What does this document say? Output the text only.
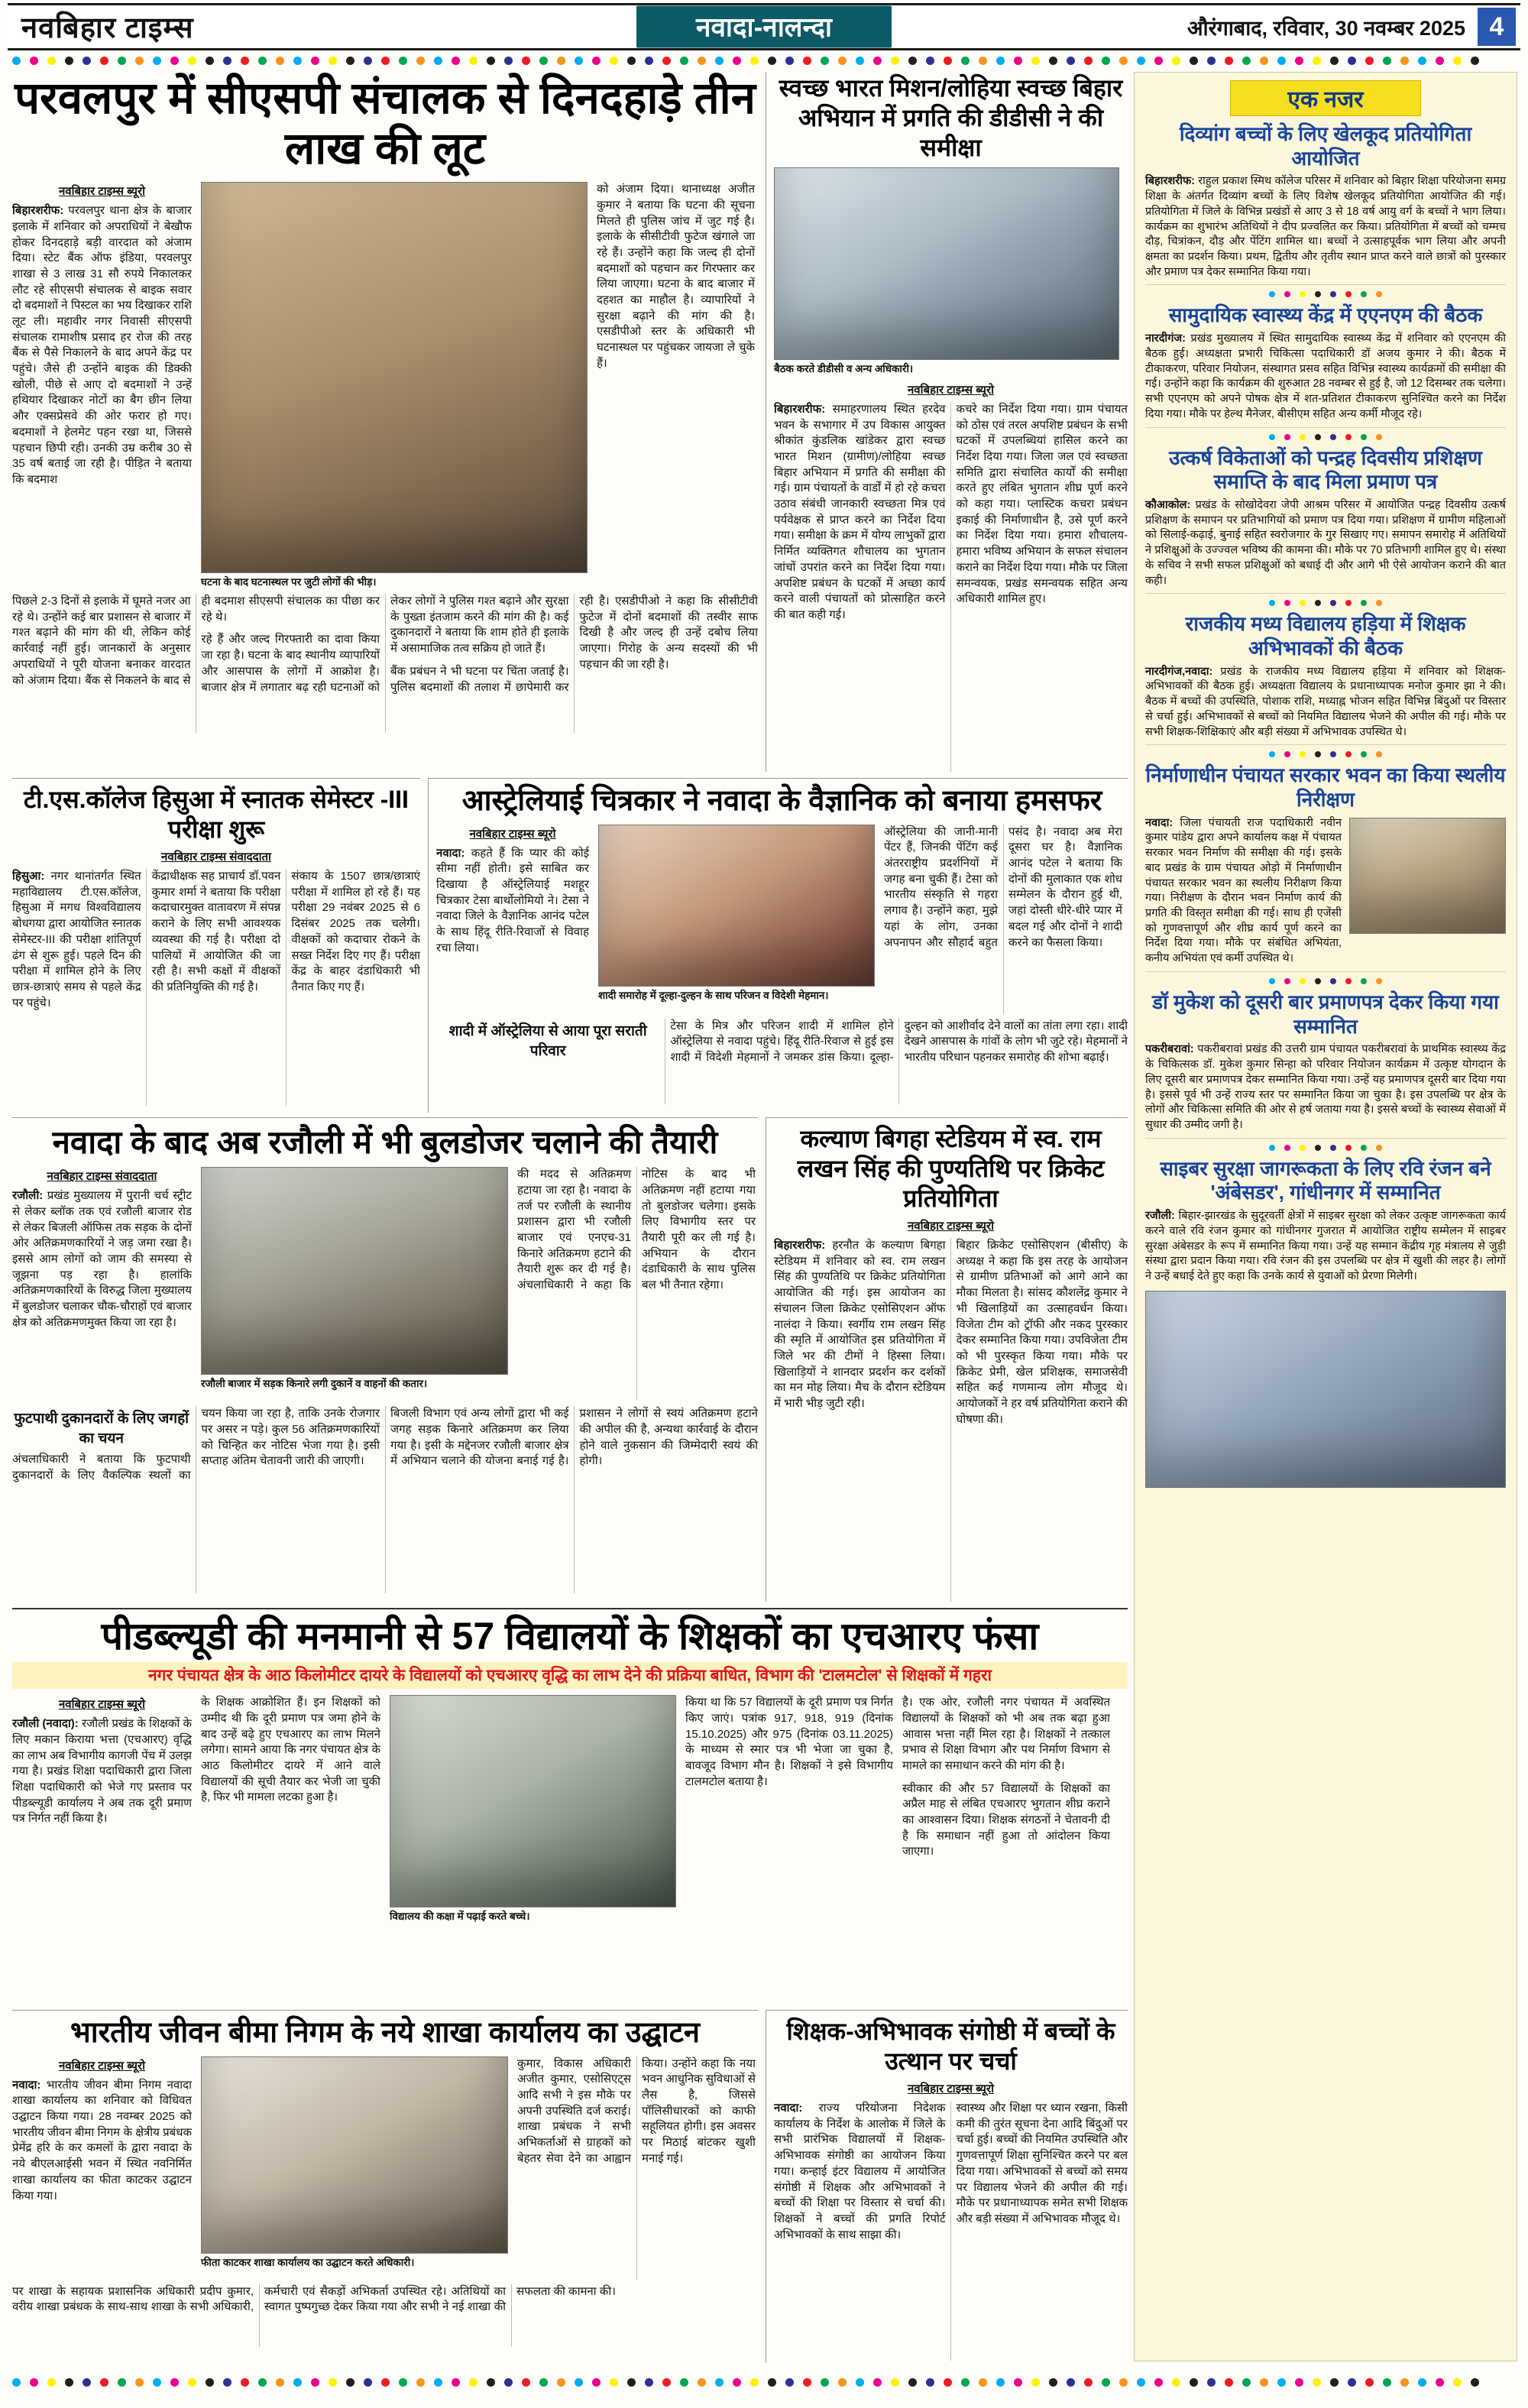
नवबिहार टाइम्स	नवादा-नालन्दा	औरंगाबाद, रविवार, 30 नवम्बर 2025 4
परवलपुर में सीएसपी संचालक से दिनदहाड़े तीन लाख की लूट
नवबिहार टाइम्स ब्यूरो

बिहारशरीफ: परवलपुर थाना क्षेत्र के बाजार इलाके में शनिवार को अपराधियों ने बेखौफ होकर दिनदहाड़े बड़ी वारदात को अंजाम दिया। स्टेट बैंक ऑफ इंडिया, परवलपुर शाखा से 3 लाख 31 सौ रुपये निकालकर लौट रहे सीएसपी संचालक से बाइक सवार दो बदमाशों ने पिस्टल का भय दिखाकर राशि लूट ली। महावीर नगर निवासी सीएसपी संचालक रामाशीष प्रसाद हर रोज की तरह बैंक से पैसे निकालने के बाद अपने केंद्र पर पहुंचे। जैसे ही उन्होंने बाइक की डिक्की खोली, पीछे से आए दो बदमाशों ने उन्हें हथियार दिखाकर नोटों का बैग छीन लिया और एक्सप्रेसवे की ओर फरार हो गए। बदमाशों ने हेलमेट पहन रखा था, जिससे पहचान छिपी रही। उनकी उम्र करीब 30 से 35 वर्ष बताई जा रही है। पीड़ित ने बताया कि बदमाश

घटना के बाद घटनास्थल पर जुटी लोगों की भीड़।

को अंजाम दिया। थानाध्यक्ष अजीत कुमार ने बताया कि घटना की सूचना मिलते ही पुलिस जांच में जुट गई है। इलाके के सीसीटीवी फुटेज खंगाले जा रहे हैं। उन्होंने कहा कि जल्द ही दोनों बदमाशों को पहचान कर गिरफ्तार कर लिया जाएगा। घटना के बाद बाजार में दहशत का माहौल है। व्यापारियों ने सुरक्षा बढ़ाने की मांग की है। एसडीपीओ स्तर के अधिकारी भी घटनास्थल पर पहुंचकर जायजा ले चुके हैं।

पिछले 2-3 दिनों से इलाके में घूमते नजर आ रहे थे। उन्होंने कई बार प्रशासन से बाजार में गश्त बढ़ाने की मांग की थी, लेकिन कोई कार्रवाई नहीं हुई। जानकारों के अनुसार अपराधियों ने पूरी योजना बनाकर वारदात को अंजाम दिया। बैंक से निकलने के बाद से ही बदमाश सीएसपी संचालक का पीछा कर रहे थे।

रहे हैं और जल्द गिरफ्तारी का दावा किया जा रहा है। घटना के बाद स्थानीय व्यापारियों और आसपास के लोगों में आक्रोश है। बाजार क्षेत्र में लगातार बढ़ रही घटनाओं को लेकर लोगों ने पुलिस गश्त बढ़ाने और सुरक्षा के पुख्ता इंतजाम करने की मांग की है। कई दुकानदारों ने बताया कि शाम होते ही इलाके में असामाजिक तत्व सक्रिय हो जाते हैं।

बैंक प्रबंधन ने भी घटना पर चिंता जताई है। पुलिस बदमाशों की तलाश में छापेमारी कर रही है। एसडीपीओ ने कहा कि सीसीटीवी फुटेज में दोनों बदमाशों की तस्वीर साफ दिखी है और जल्द ही उन्हें दबोच लिया जाएगा। गिरोह के अन्य सदस्यों की भी पहचान की जा रही है।

स्वच्छ भारत मिशन/लोहिया स्वच्छ बिहार अभियान में प्रगति की डीडीसी ने की समीक्षा
बैठक करते डीडीसी व अन्य अधिकारी।
नवबिहार टाइम्स ब्यूरो

बिहारशरीफ: समाहरणालय स्थित हरदेव भवन के सभागार में उप विकास आयुक्त श्रीकांत कुंडलिक खांडेकर द्वारा स्वच्छ भारत मिशन (ग्रामीण)/लोहिया स्वच्छ बिहार अभियान में प्रगति की समीक्षा की गई। ग्राम पंचायतों के वार्डों में हो रहे कचरा उठाव संबंधी जानकारी स्वच्छता मित्र एवं पर्यवेक्षक से प्राप्त करने का निर्देश दिया गया। समीक्षा के क्रम में योग्य लाभुकों द्वारा निर्मित व्यक्तिगत शौचालय का भुगतान जांचों उपरांत करने का निर्देश दिया गया। अपशिष्ट प्रबंधन के घटकों में अच्छा कार्य करने वाली पंचायतों को प्रोत्साहित करने की बात कही गई।

कचरे का निर्देश दिया गया। ग्राम पंचायत को ठोस एवं तरल अपशिष्ट प्रबंधन के सभी घटकों में उपलब्धियां हासिल करने का निर्देश दिया गया। जिला जल एवं स्वच्छता समिति द्वारा संचालित कार्यों की समीक्षा करते हुए लंबित भुगतान शीघ्र पूर्ण करने को कहा गया। प्लास्टिक कचरा प्रबंधन इकाई की निर्माणाधीन है, उसे पूर्ण करने का निर्देश दिया गया। हमारा शौचालय-हमारा भविष्य अभियान के सफल संचालन कराने का निर्देश दिया गया। मौके पर जिला समन्वयक, प्रखंड समन्वयक सहित अन्य अधिकारी शामिल हुए।

एक नजर
दिव्यांग बच्चों के लिए खेलकूद प्रतियोगिता आयोजित

बिहारशरीफ: राहुल प्रकाश स्मिथ कॉलेज परिसर में शनिवार को बिहार शिक्षा परियोजना समग्र शिक्षा के अंतर्गत दिव्यांग बच्चों के लिए विशेष खेलकूद प्रतियोगिता आयोजित की गई। प्रतियोगिता में जिले के विभिन्न प्रखंडों से आए 3 से 18 वर्ष आयु वर्ग के बच्चों ने भाग लिया। कार्यक्रम का शुभारंभ अतिथियों ने दीप प्रज्वलित कर किया। प्रतियोगिता में बच्चों को चम्मच दौड़, चित्रांकन, दौड़ और पेंटिंग शामिल था। बच्चों ने उत्साहपूर्वक भाग लिया और अपनी क्षमता का प्रदर्शन किया। प्रथम, द्वितीय और तृतीय स्थान प्राप्त करने वाले छात्रों को पुरस्कार और प्रमाण पत्र देकर सम्मानित किया गया।

सामुदायिक स्वास्थ्य केंद्र में एएनएम की बैठक

नारदीगंज: प्रखंड मुख्यालय में स्थित सामुदायिक स्वास्थ्य केंद्र में शनिवार को एएनएम की बैठक हुई। अध्यक्षता प्रभारी चिकित्सा पदाधिकारी डॉ अजय कुमार ने की। बैठक में टीकाकरण, परिवार नियोजन, संस्थागत प्रसव सहित विभिन्न स्वास्थ्य कार्यक्रमों की समीक्षा की गई। उन्होंने कहा कि कार्यक्रम की शुरुआत 28 नवम्बर से हुई है, जो 12 दिसम्बर तक चलेगा। सभी एएनएम को अपने पोषक क्षेत्र में शत-प्रतिशत टीकाकरण सुनिश्चित करने का निर्देश दिया गया। मौके पर हेल्थ मैनेजर, बीसीएम सहित अन्य कर्मी मौजूद रहे।

उत्कर्ष विकेताओं को पन्द्रह दिवसीय प्रशिक्षण समाप्ति के बाद मिला प्रमाण पत्र

कौआकोल: प्रखंड के सोखोदेवरा जेपी आश्रम परिसर में आयोजित पन्द्रह दिवसीय उत्कर्ष प्रशिक्षण के समापन पर प्रतिभागियों को प्रमाण पत्र दिया गया। प्रशिक्षण में ग्रामीण महिलाओं को सिलाई-कढ़ाई, बुनाई सहित स्वरोजगार के गुर सिखाए गए। समापन समारोह में अतिथियों ने प्रशिक्षुओं के उज्ज्वल भविष्य की कामना की। मौके पर 70 प्रतिभागी शामिल हुए थे। संस्था के सचिव ने सभी सफल प्रशिक्षुओं को बधाई दी और आगे भी ऐसे आयोजन कराने की बात कही।

राजकीय मध्य विद्यालय हड़िया में शिक्षक अभिभावकों की बैठक

नारदीगंज,नवादा: प्रखंड के राजकीय मध्य विद्यालय हड़िया में शनिवार को शिक्षक-अभिभावकों की बैठक हुई। अध्यक्षता विद्यालय के प्रधानाध्यापक मनोज कुमार झा ने की। बैठक में बच्चों की उपस्थिति, पोशाक राशि, मध्याह्न भोजन सहित विभिन्न बिंदुओं पर विस्तार से चर्चा हुई। अभिभावकों से बच्चों को नियमित विद्यालय भेजने की अपील की गई। मौके पर सभी शिक्षक-शिक्षिकाएं और बड़ी संख्या में अभिभावक उपस्थित थे।

निर्माणाधीन पंचायत सरकार भवन का किया स्थलीय निरीक्षण

नवादा: जिला पंचायती राज पदाधिकारी नवीन कुमार पांडेय द्वारा अपने कार्यालय कक्ष में पंचायत सरकार भवन निर्माण की समीक्षा की गई। इसके बाद प्रखंड के ग्राम पंचायत ओड़ो में निर्माणाधीन पंचायत सरकार भवन का स्थलीय निरीक्षण किया गया। निरीक्षण के दौरान भवन निर्माण कार्य की प्रगति की विस्तृत समीक्षा की गई। साथ ही एजेंसी को गुणवत्तापूर्ण और शीघ्र कार्य पूर्ण करने का निर्देश दिया गया। मौके पर संबंधित अभियंता, कनीय अभियंता एवं कर्मी उपस्थित थे।

डॉ मुकेश को दूसरी बार प्रमाणपत्र देकर किया गया सम्मानित

पकरीबरावां: पकरीबरावां प्रखंड की उत्तरी ग्राम पंचायत पकरीबरावां के प्राथमिक स्वास्थ्य केंद्र के चिकित्सक डॉ. मुकेश कुमार सिन्हा को परिवार नियोजन कार्यक्रम में उत्कृष्ट योगदान के लिए दूसरी बार प्रमाणपत्र देकर सम्मानित किया गया। उन्हें यह प्रमाणपत्र दूसरी बार दिया गया है। इससे पूर्व भी उन्हें राज्य स्तर पर सम्मानित किया जा चुका है। इस उपलब्धि पर क्षेत्र के लोगों और चिकित्सा समिति की ओर से हर्ष जताया गया है। इससे बच्चों के स्वास्थ्य सेवाओं में सुधार की उम्मीद जगी है।

साइबर सुरक्षा जागरूकता के लिए रवि रंजन बने 'अंबेसडर', गांधीनगर में सम्मानित

रजौली: बिहार-झारखंड के सुदूरवर्ती क्षेत्रों में साइबर सुरक्षा को लेकर उत्कृष्ट जागरूकता कार्य करने वाले रवि रंजन कुमार को गांधीनगर गुजरात में आयोजित राष्ट्रीय सम्मेलन में साइबर सुरक्षा अंबेसडर के रूप में सम्मानित किया गया। उन्हें यह सम्मान केंद्रीय गृह मंत्रालय से जुड़ी संस्था द्वारा प्रदान किया गया। रवि रंजन की इस उपलब्धि पर क्षेत्र में खुशी की लहर है। लोगों ने उन्हें बधाई देते हुए कहा कि उनके कार्य से युवाओं को प्रेरणा मिलेगी।

टी.एस.कॉलेज हिसुआ में स्नातक सेमेस्टर -III परीक्षा शुरू
नवबिहार टाइम्स संवाददाता

हिसुआ: नगर थानांतर्गत स्थित महाविद्यालय टी.एस.कॉलेज, हिसुआ में मगध विश्वविद्यालय बोधगया द्वारा आयोजित स्नातक सेमेस्टर-III की परीक्षा शांतिपूर्ण ढंग से शुरू हुई। पहले दिन की परीक्षा में शामिल होने के लिए छात्र-छात्राएं समय से पहले केंद्र पर पहुंचे।

केंद्राधीक्षक सह प्राचार्य डॉ.पवन कुमार शर्मा ने बताया कि परीक्षा कदाचारमुक्त वातावरण में संपन्न कराने के लिए सभी आवश्यक व्यवस्था की गई है। परीक्षा दो पालियों में आयोजित की जा रही है। सभी कक्षों में वीक्षकों की प्रतिनियुक्ति की गई है।

संकाय के 1507 छात्र/छात्राएं परीक्षा में शामिल हो रहे हैं। यह परीक्षा 29 नवंबर 2025 से 6 दिसंबर 2025 तक चलेगी। वीक्षकों को कदाचार रोकने के सख्त निर्देश दिए गए हैं। परीक्षा केंद्र के बाहर दंडाधिकारी भी तैनात किए गए हैं।

आस्ट्रेलियाई चित्रकार ने नवादा के वैज्ञानिक को बनाया हमसफर
नवबिहार टाइम्स ब्यूरो

नवादा: कहते हैं कि प्यार की कोई सीमा नहीं होती। इसे साबित कर दिखाया है ऑस्ट्रेलियाई मशहूर चित्रकार टेसा बार्थोलोमियो ने। टेसा ने नवादा जिले के वैज्ञानिक आनंद पटेल के साथ हिंदू रीति-रिवाजों से विवाह रचा लिया।

शादी समारोह में दूल्हा-दुल्हन के साथ परिजन व विदेशी मेहमान।

ऑस्ट्रेलिया की जानी-मानी पेंटर हैं, जिनकी पेंटिंग कई अंतरराष्ट्रीय प्रदर्शनियों में जगह बना चुकी हैं। टेसा को भारतीय संस्कृति से गहरा लगाव है। उन्होंने कहा, मुझे यहां के लोग, उनका अपनापन और सौहार्द बहुत पसंद है। नवादा अब मेरा दूसरा घर है। वैज्ञानिक आनंद पटेल ने बताया कि दोनों की मुलाकात एक शोध सम्मेलन के दौरान हुई थी, जहां दोस्ती धीरे-धीरे प्यार में बदल गई और दोनों ने शादी करने का फैसला किया।

शादी में ऑस्ट्रेलिया से आया पूरा सराती परिवार

टेसा के मित्र और परिजन शादी में शामिल होने ऑस्ट्रेलिया से नवादा पहुंचे। हिंदू रीति-रिवाज से हुई इस शादी में विदेशी मेहमानों ने जमकर डांस किया। दूल्हा-दुल्हन को आशीर्वाद देने वालों का तांता लगा रहा। शादी देखने आसपास के गांवों के लोग भी जुटे रहे। मेहमानों ने भारतीय परिधान पहनकर समारोह की शोभा बढ़ाई।

नवादा के बाद अब रजौली में भी बुलडोजर चलाने की तैयारी
नवबिहार टाइम्स संवाददाता

रजौली: प्रखंड मुख्यालय में पुरानी चर्च स्ट्रीट से लेकर ब्लॉक तक एवं रजौली बाजार रोड से लेकर बिजली ऑफिस तक सड़क के दोनों ओर अतिक्रमणकारियों ने जड़ जमा रखा है। इससे आम लोगों को जाम की समस्या से जूझना पड़ रहा है। हालांकि अतिक्रमणकारियों के विरुद्ध जिला मुख्यालय में बुलडोजर चलाकर चौक-चौराहों एवं बाजार क्षेत्र को अतिक्रमणमुक्त किया जा रहा है।

रजौली बाजार में सड़क किनारे लगी दुकानें व वाहनों की कतार।

की मदद से अतिक्रमण हटाया जा रहा है। नवादा के तर्ज पर रजौली के स्थानीय प्रशासन द्वारा भी रजौली बाजार एवं एनएच-31 किनारे अतिक्रमण हटाने की तैयारी शुरू कर दी गई है। अंचलाधिकारी ने कहा कि नोटिस के बाद भी अतिक्रमण नहीं हटाया गया तो बुलडोजर चलेगा। इसके लिए विभागीय स्तर पर तैयारी पूरी कर ली गई है। अभियान के दौरान दंडाधिकारी के साथ पुलिस बल भी तैनात रहेगा।

फुटपाथी दुकानदारों के लिए जगहों का चयन

अंचलाधिकारी ने बताया कि फुटपाथी दुकानदारों के लिए वैकल्पिक स्थलों का चयन किया जा रहा है, ताकि उनके रोजगार पर असर न पड़े। कुल 56 अतिक्रमणकारियों को चिन्हित कर नोटिस भेजा गया है। इसी सप्ताह अंतिम चेतावनी जारी की जाएगी।

बिजली विभाग एवं अन्य लोगों द्वारा भी कई जगह सड़क किनारे अतिक्रमण कर लिया गया है। इसी के मद्देनजर रजौली बाजार क्षेत्र में अभियान चलाने की योजना बनाई गई है। प्रशासन ने लोगों से स्वयं अतिक्रमण हटाने की अपील की है, अन्यथा कार्रवाई के दौरान होने वाले नुकसान की जिम्मेदारी स्वयं की होगी।

कल्याण बिगहा स्टेडियम में स्व. राम लखन सिंह की पुण्यतिथि पर क्रिकेट प्रतियोगिता
नवबिहार टाइम्स ब्यूरो

बिहारशरीफ: हरनौत के कल्याण बिगहा स्टेडियम में शनिवार को स्व. राम लखन सिंह की पुण्यतिथि पर क्रिकेट प्रतियोगिता आयोजित की गई। इस आयोजन का संचालन जिला क्रिकेट एसोसिएशन ऑफ नालंदा ने किया। स्वर्गीय राम लखन सिंह की स्मृति में आयोजित इस प्रतियोगिता में जिले भर की टीमों ने हिस्सा लिया। खिलाड़ियों ने शानदार प्रदर्शन कर दर्शकों का मन मोह लिया। मैच के दौरान स्टेडियम में भारी भीड़ जुटी रही।

बिहार क्रिकेट एसोसिएशन (बीसीए) के अध्यक्ष ने कहा कि इस तरह के आयोजन से ग्रामीण प्रतिभाओं को आगे आने का मौका मिलता है। सांसद कौशलेंद्र कुमार ने भी खिलाड़ियों का उत्साहवर्धन किया। विजेता टीम को ट्रॉफी और नकद पुरस्कार देकर सम्मानित किया गया। उपविजेता टीम को भी पुरस्कृत किया गया। मौके पर क्रिकेट प्रेमी, खेल प्रशिक्षक, समाजसेवी सहित कई गणमान्य लोग मौजूद थे। आयोजकों ने हर वर्ष प्रतियोगिता कराने की घोषणा की।

पीडब्ल्यूडी की मनमानी से 57 विद्यालयों के शिक्षकों का एचआरए फंसा
नगर पंचायत क्षेत्र के आठ किलोमीटर दायरे के विद्यालयों को एचआरए वृद्धि का लाभ देने की प्रक्रिया बाधित, विभाग की 'टालमटोल' से शिक्षकों में गहरा
नवबिहार टाइम्स ब्यूरो

रजौली (नवादा): रजौली प्रखंड के शिक्षकों के लिए मकान किराया भत्ता (एचआरए) वृद्धि का लाभ अब विभागीय कागजी पेंच में उलझ गया है। प्रखंड शिक्षा पदाधिकारी द्वारा जिला शिक्षा पदाधिकारी को भेजे गए प्रस्ताव पर पीडब्ल्यूडी कार्यालय ने अब तक दूरी प्रमाण पत्र निर्गत नहीं किया है।

के शिक्षक आक्रोशित हैं। इन शिक्षकों को उम्मीद थी कि दूरी प्रमाण पत्र जमा होने के बाद उन्हें बढ़े हुए एचआरए का लाभ मिलने लगेगा। सामने आया कि नगर पंचायत क्षेत्र के आठ किलोमीटर दायरे में आने वाले विद्यालयों की सूची तैयार कर भेजी जा चुकी है, फिर भी मामला लटका हुआ है।

विद्यालय की कक्षा में पढ़ाई करते बच्चे।

किया था कि 57 विद्यालयों के दूरी प्रमाण पत्र निर्गत किए जाएं। पत्रांक 917, 918, 919 (दिनांक 15.10.2025) और 975 (दिनांक 03.11.2025) के माध्यम से स्मार पत्र भी भेजा जा चुका है, बावजूद विभाग मौन है। शिक्षकों ने इसे विभागीय टालमटोल बताया है।

है। एक ओर, रजौली नगर पंचायत में अवस्थित विद्यालयों के शिक्षकों को भी अब तक बढ़ा हुआ आवास भत्ता नहीं मिल रहा है। शिक्षकों ने तत्काल प्रभाव से शिक्षा विभाग और पथ निर्माण विभाग से मामले का समाधान करने की मांग की है।

स्वीकार की और 57 विद्यालयों के शिक्षकों का अप्रैल माह से लंबित एचआरए भुगतान शीघ्र कराने का आश्वासन दिया। शिक्षक संगठनों ने चेतावनी दी है कि समाधान नहीं हुआ तो आंदोलन किया जाएगा।

भारतीय जीवन बीमा निगम के नये शाखा कार्यालय का उद्घाटन
नवबिहार टाइम्स ब्यूरो

नवादा: भारतीय जीवन बीमा निगम नवादा शाखा कार्यालय का शनिवार को विधिवत उद्घाटन किया गया। 28 नवम्बर 2025 को भारतीय जीवन बीमा निगम के क्षेत्रीय प्रबंधक प्रेमेंद्र हरि के कर कमलों के द्वारा नवादा के नये बीएलआईसी भवन में स्थित नवनिर्मित शाखा कार्यालय का फीता काटकर उद्घाटन किया गया।

फीता काटकर शाखा कार्यालय का उद्घाटन करते अधिकारी।

कुमार, विकास अधिकारी अजीत कुमार, एसोसिएट्स आदि सभी ने इस मौके पर अपनी उपस्थिति दर्ज कराई। शाखा प्रबंधक ने सभी अभिकर्ताओं से ग्राहकों को बेहतर सेवा देने का आह्वान किया। उन्होंने कहा कि नया भवन आधुनिक सुविधाओं से लैस है, जिससे पॉलिसीधारकों को काफी सहूलियत होगी। इस अवसर पर मिठाई बांटकर खुशी मनाई गई।

पर शाखा के सहायक प्रशासनिक अधिकारी प्रदीप कुमार, वरीय शाखा प्रबंधक के साथ-साथ शाखा के सभी अधिकारी, कर्मचारी एवं सैकड़ों अभिकर्ता उपस्थित रहे। अतिथियों का स्वागत पुष्पगुच्छ देकर किया गया और सभी ने नई शाखा की सफलता की कामना की।

शिक्षक-अभिभावक संगोष्ठी में बच्चों के उत्थान पर चर्चा
नवबिहार टाइम्स ब्यूरो

नवादा: राज्य परियोजना निदेशक कार्यालय के निर्देश के आलोक में जिले के सभी प्रारंभिक विद्यालयों में शिक्षक-अभिभावक संगोष्ठी का आयोजन किया गया। कन्हाई इंटर विद्यालय में आयोजित संगोष्ठी में शिक्षक और अभिभावकों ने बच्चों की शिक्षा पर विस्तार से चर्चा की। शिक्षकों ने बच्चों की प्रगति रिपोर्ट अभिभावकों के साथ साझा की।

स्वास्थ्य और शिक्षा पर ध्यान रखना, किसी कमी की तुरंत सूचना देना आदि बिंदुओं पर चर्चा हुई। बच्चों की नियमित उपस्थिति और गुणवत्तापूर्ण शिक्षा सुनिश्चित करने पर बल दिया गया। अभिभावकों से बच्चों को समय पर विद्यालय भेजने की अपील की गई। मौके पर प्रधानाध्यापक समेत सभी शिक्षक और बड़ी संख्या में अभिभावक मौजूद थे।
